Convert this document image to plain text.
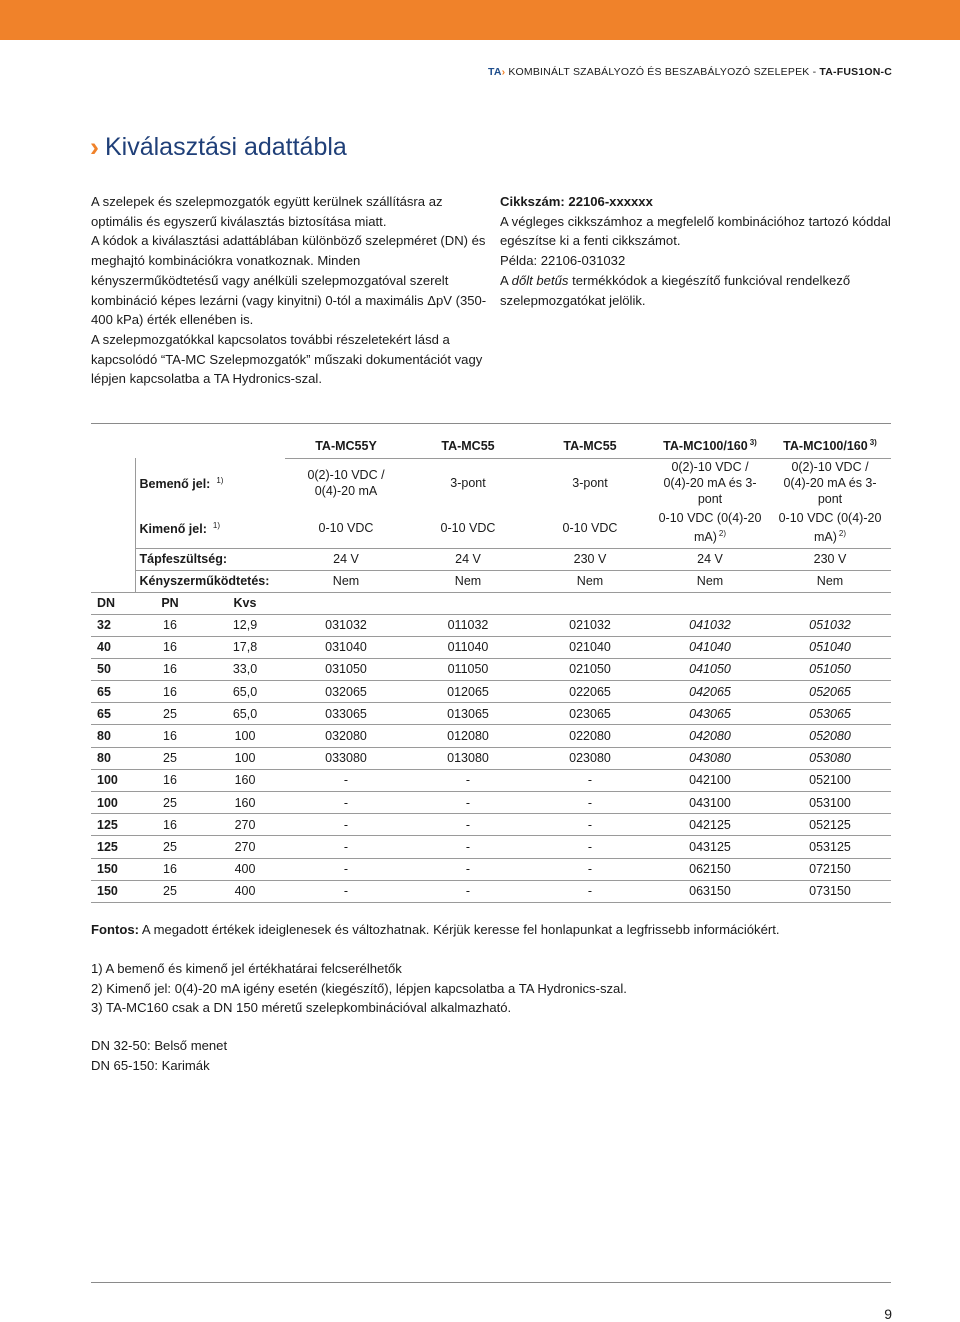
TA› KOMBINÁLT SZABÁLYOZÓ ÉS BESZABÁLYOZÓ SZELEPEK - TA-FUS1ON-C
› Kiválasztási adattábla

A szelepek és szelepmozgatók együtt kerülnek szállításra az optimális és egyszerű kiválasztás biztosítása miatt.

A kódok a kiválasztási adattáblában különböző szelepméret (DN) és meghajtó kombinációkra vonatkoznak. Minden kényszerműködtetésű vagy anélküli szelepmozgatóval szerelt kombináció képes lezárni (vagy kinyitni) 0-tól a maximális ΔpV (350-400 kPa) érték ellenében is.

A szelepmozgatókkal kapcsolatos további részeletekért lásd a kapcsolódó “TA-MC Szelepmozgatók” műszaki dokumentációt vagy lépjen kapcsolatba a TA Hydronics-szal.

Cikkszám: 22106-xxxxxx

A végleges cikkszámhoz a megfelelő kombinációhoz tartozó kóddal egészítse ki a fenti cikkszámot.

Példa: 22106-031032

A dőlt betűs termékkódok a kiegészítő funkcióval rendelkező szelepmozgatókat jelölik.

			TA-MC55Y	TA-MC55	TA-MC55	TA-MC100/160 $^{3)}$	TA-MC100/160 $^{3)}$
	Bemenő jel: $^{1)}$		0(2)-10 VDC / 0(4)-20 mA	3-pont	3-pont	0(2)-10 VDC / 0(4)-20 mA és 3-pont	0(2)-10 VDC / 0(4)-20 mA és 3-pont
	Kimenő jel: $^{1)}$		0-10 VDC	0-10 VDC	0-10 VDC	0-10 VDC (0(4)-20 mA) $^{2)}$	0-10 VDC (0(4)-20 mA) $^{2)}$
	Tápfeszültség:		24 V	24 V	230 V	24 V	230 V
	Kényszerműködtetés:		Nem	Nem	Nem	Nem	Nem
DN	PN	Kvs					
32	16	12,9	031032	011032	021032	041032	051032
40	16	17,8	031040	011040	021040	041040	051040
50	16	33,0	031050	011050	021050	041050	051050
65	16	65,0	032065	012065	022065	042065	052065
65	25	65,0	033065	013065	023065	043065	053065
80	16	100	032080	012080	022080	042080	052080
80	25	100	033080	013080	023080	043080	053080
100	16	160	-	-	-	042100	052100
100	25	160	-	-	-	043100	053100
125	16	270	-	-	-	042125	052125
125	25	270	-	-	-	043125	053125
150	16	400	-	-	-	062150	072150
150	25	400	-	-	-	063150	073150
Fontos: A megadott értékek ideiglenesek és változhatnak. Kérjük keresse fel honlapunkat a legfrissebb információkért.
1) A bemenő és kimenő jel értékhatárai felcserélhetők
2) Kimenő jel: 0(4)-20 mA igény esetén (kiegészítő), lépjen kapcsolatba a TA Hydronics-szal.
3) TA-MC160 csak a DN 150 méretű szelepkombinációval alkalmazható.
DN 32-50: Belső menet
DN 65-150: Karimák
9
